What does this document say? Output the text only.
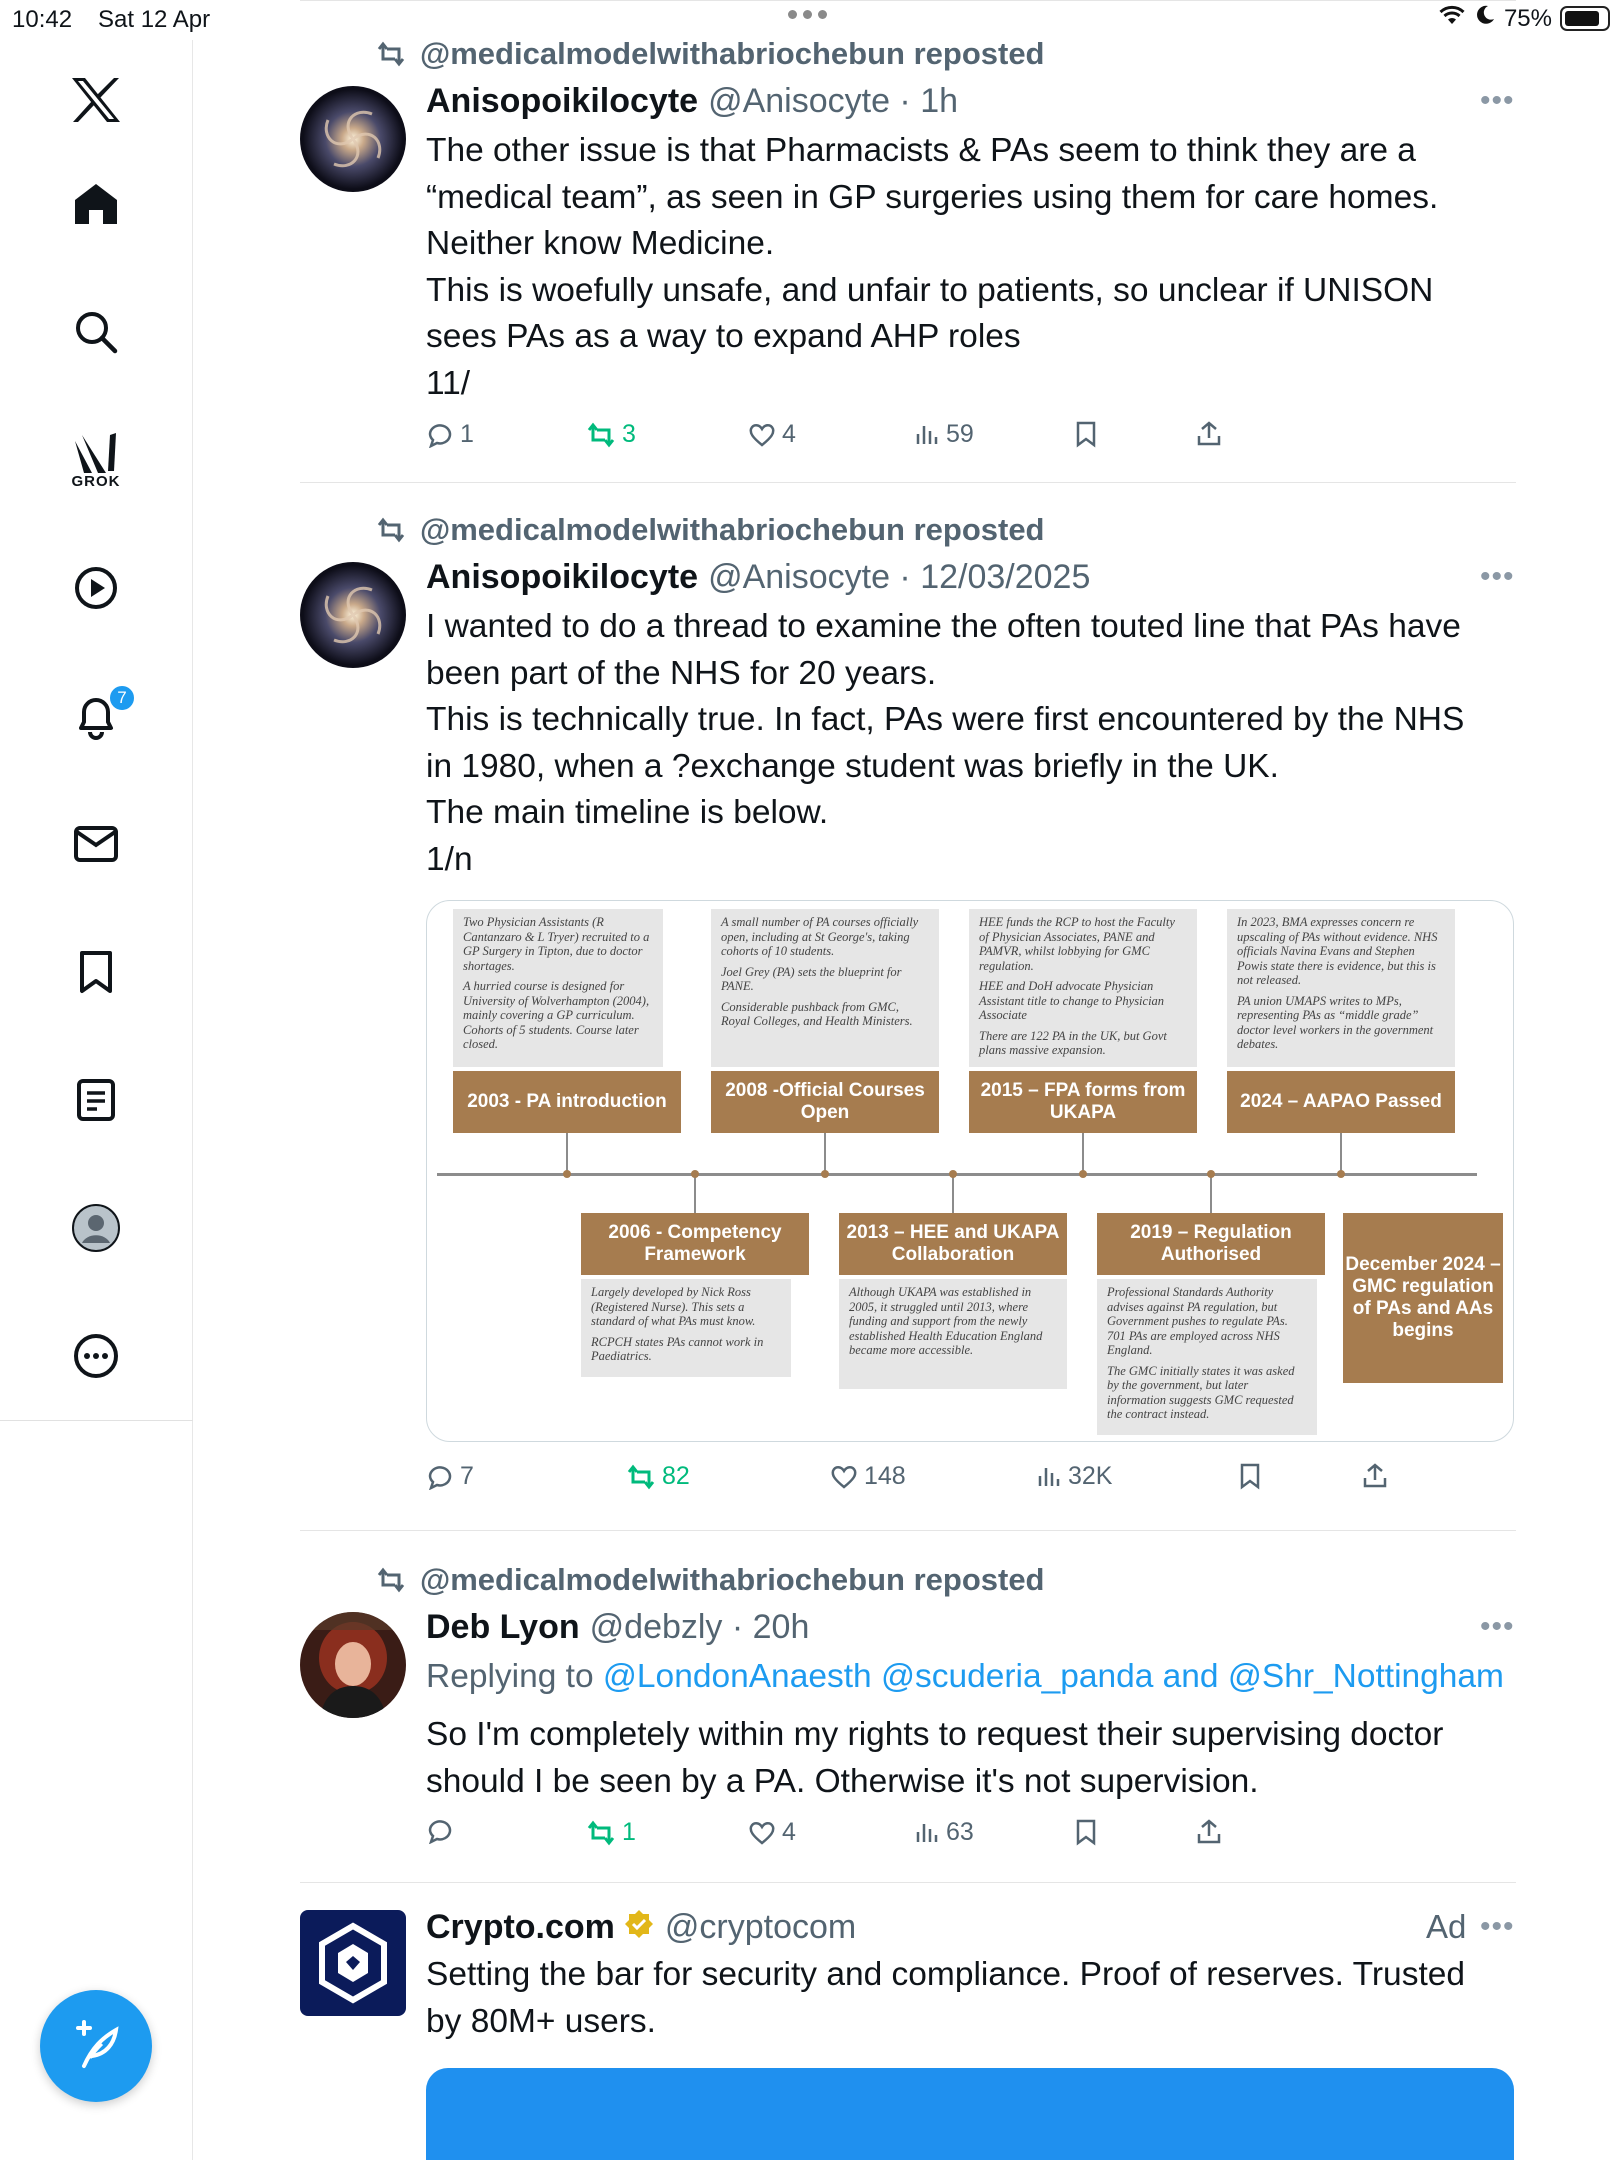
10:42 Sat 12 Apr	75%
GROK
7
@medicalmodelwithabriochebun reposted
Anisopoikilocyte @Anisocyte · 1h	•••

The other issue is that Pharmacists & PAs seem to think they are a

“medical team”, as seen in GP surgeries using them for care homes.

Neither know Medicine.

This is woefully unsafe, and unfair to patients, so unclear if UNISON

sees PAs as a way to expand AHP roles

11/

1	3	4	59
@medicalmodelwithabriochebun reposted
Anisopoikilocyte @Anisocyte · 12/03/2025	•••

I wanted to do a thread to examine the often touted line that PAs have

been part of the NHS for 20 years.

This is technically true. In fact, PAs were first encountered by the NHS

in 1980, when a ?exchange student was briefly in the UK.

The main timeline is below.

1/n

Two Physician Assistants (R Cantanzaro & L Tryer) recruited to a GP Surgery in Tipton, due to doctor shortages.

A hurried course is designed for University of Wolverhampton (2004), mainly covering a GP curriculum. Cohorts of 5 students. Course later closed.

2003 - PA introduction

A small number of PA courses officially open, including at St George's, taking cohorts of 10 students.

Joel Grey (PA) sets the blueprint for PANE.

Considerable pushback from GMC, Royal Colleges, and Health Ministers.

2008 -Official Courses Open

HEE funds the RCP to host the Faculty of Physician Associates, PANE and PAMVR, whilst lobbying for GMC regulation.

HEE and DoH advocate Physician Assistant title to change to Physician Associate

There are 122 PA in the UK, but Govt plans massive expansion.

2015 – FPA forms from UKAPA

In 2023, BMA expresses concern re upscaling of PAs without evidence. NHS officials Navina Evans and Stephen Powis state there is evidence, but this is not released.

PA union UMAPS writes to MPs, representing PAs as “middle grade” doctor level workers in the government debates.

2024 – AAPAO Passed
2006 - Competency Framework

Largely developed by Nick Ross (Registered Nurse). This sets a standard of what PAs must know.

RCPCH states PAs cannot work in Paediatrics.

2013 – HEE and UKAPA Collaboration

Although UKAPA was established in 2005, it struggled until 2013, where funding and support from the newly established Health Education England became more accessible.

2019 – Regulation Authorised

Professional Standards Authority advises against PA regulation, but Government pushes to regulate PAs. 701 PAs are employed across NHS England.

The GMC initially states it was asked by the government, but later information suggests GMC requested the contract instead.

December 2024 – GMC regulation of PAs and AAs begins
7	82	148	32K
@medicalmodelwithabriochebun reposted
Deb Lyon @debzly · 20h	•••
Replying to @LondonAnaesth @scuderia_panda and @Shr_Nottingham

So I'm completely within my rights to request their supervising doctor

should I be seen by a PA. Otherwise it's not supervision.

1	4	63
Crypto.com @cryptocom	Ad •••

Setting the bar for security and compliance. Proof of reserves. Trusted

by 80M+ users.
